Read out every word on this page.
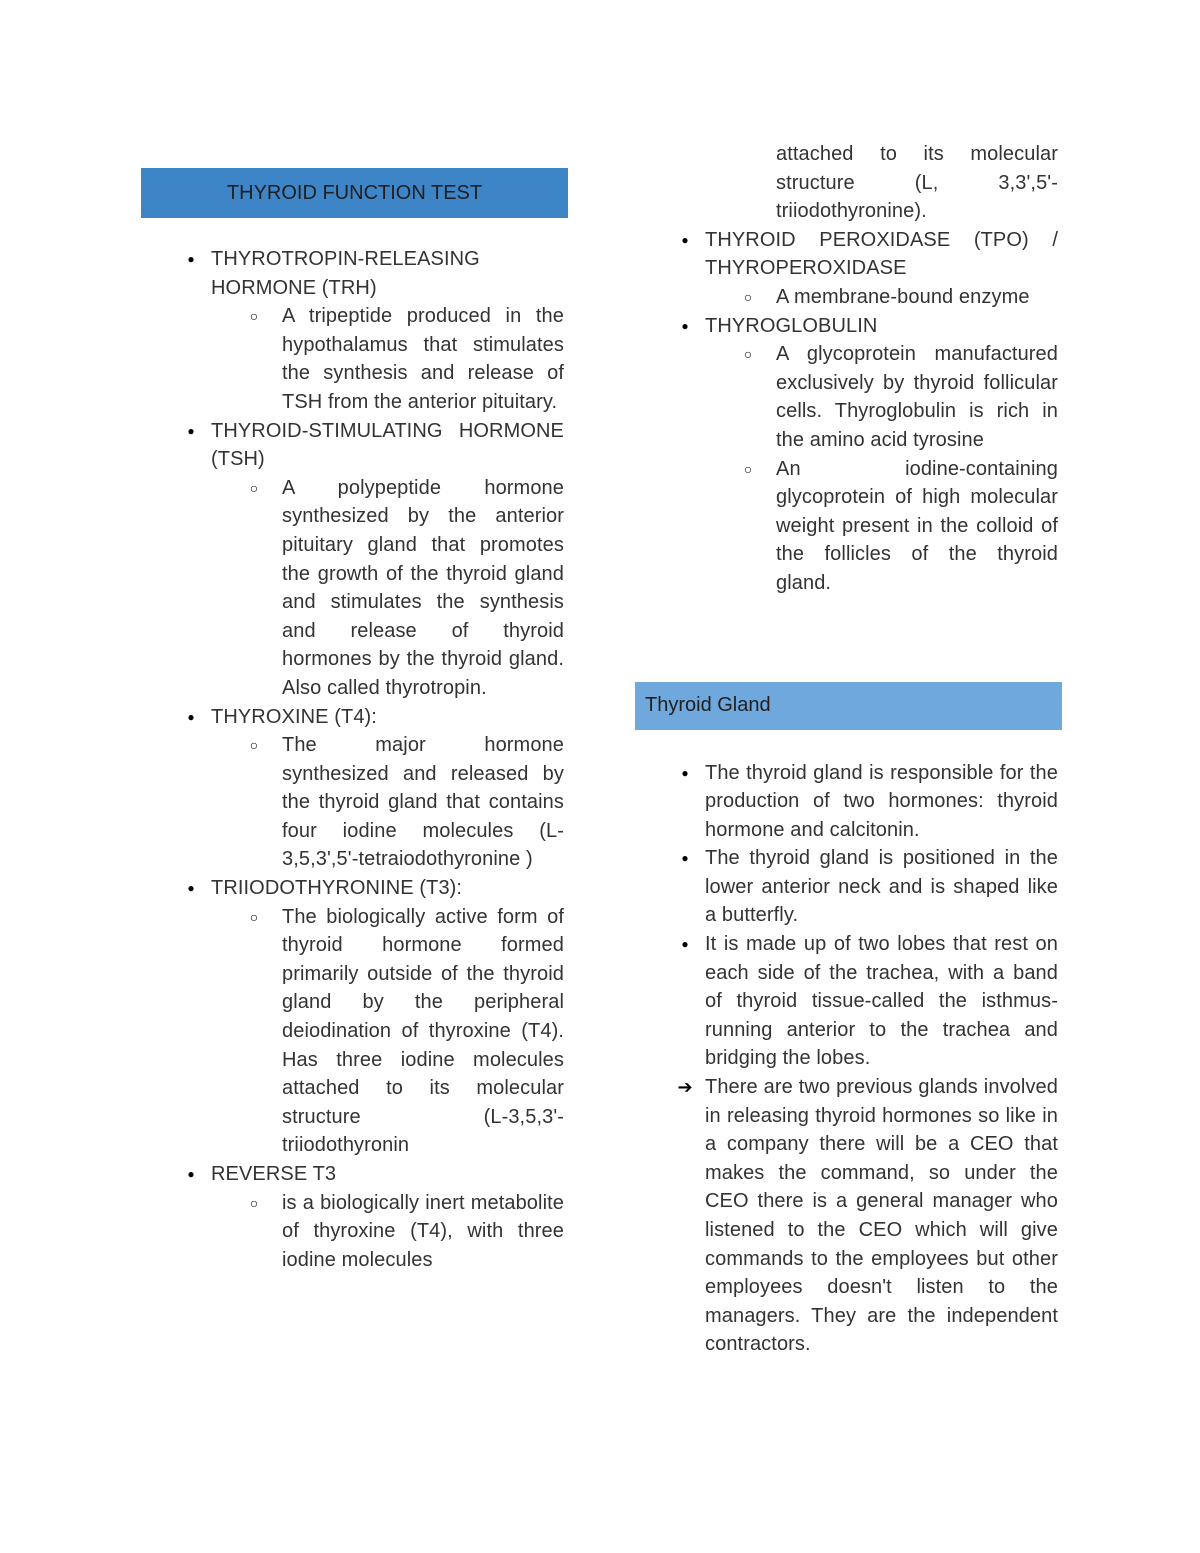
THYROID FUNCTION TEST
● THYROTROPIN-RELEASING HORMONE (TRH)
○ A tripeptide produced in the hypothalamus that stimulates the synthesis and release of TSH from the anterior pituitary.
● THYROID-STIMULATING HORMONE (TSH)
○ A polypeptide hormone synthesized by the anterior pituitary gland that promotes the growth of the thyroid gland and stimulates the synthesis and release of thyroid hormones by the thyroid gland. Also called thyrotropin.
● THYROXINE (T4):
○ The major hormone synthesized and released by the thyroid gland that contains four iodine molecules (L-3,5,3',5'-tetraiodothyronine )
● TRIIODOTHYRONINE (T3):
○ The biologically active form of thyroid hormone formed primarily outside of the thyroid gland by the peripheral deiodination of thyroxine (T4). Has three iodine molecules attached to its molecular structure (L-3,5,3'-triiodothyronin
● REVERSE T3
○ is a biologically inert metabolite of thyroxine (T4), with three iodine molecules
attached to its molecular structure (L, 3,3',5'-triiodothyronine).
● THYROID PEROXIDASE (TPO) / THYROPEROXIDASE
○ A membrane-bound enzyme
● THYROGLOBULIN
○ A glycoprotein manufactured exclusively by thyroid follicular cells. Thyroglobulin is rich in the amino acid tyrosine
○ An iodine-containing glycoprotein of high molecular weight present in the colloid of the follicles of the thyroid gland.
Thyroid Gland
● The thyroid gland is responsible for the production of two hormones: thyroid hormone and calcitonin.
● The thyroid gland is positioned in the lower anterior neck and is shaped like a butterfly.
● It is made up of two lobes that rest on each side of the trachea, with a band of thyroid tissue-called the isthmus-running anterior to the trachea and bridging the lobes.
➔ There are two previous glands involved in releasing thyroid hormones so like in a company there will be a CEO that makes the command, so under the CEO there is a general manager who listened to the CEO which will give commands to the employees but other employees doesn't listen to the managers. They are the independent contractors.
